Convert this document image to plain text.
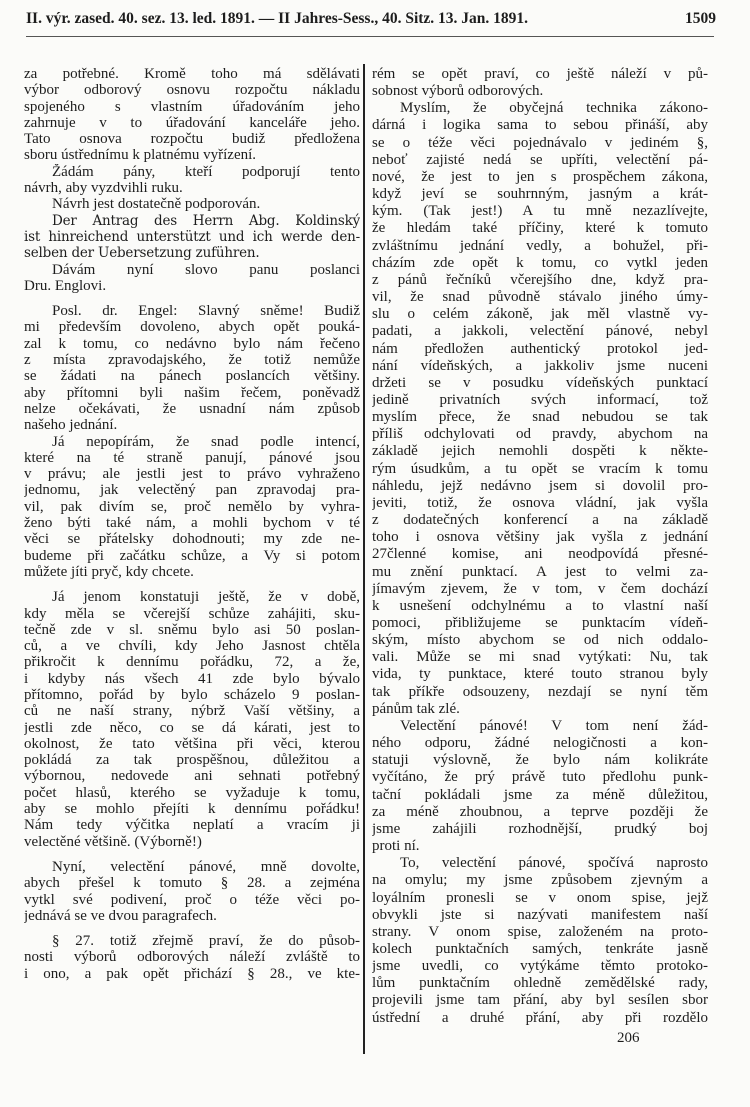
II. výr. zased. 40. sez. 13. led. 1891. — II Jahres-Sess., 40. Sitz. 13. Jan. 1891.	1509
za potřebné. Kromě toho má sdělávati
výbor odborový osnovu rozpočtu nákladu
spojeného s vlastním úřadováním jeho
zahrnuje v to úřadování kanceláře jeho.
Tato osnova rozpočtu budiž předložena
sboru ústřednímu k platnému vyřízení.
Žádám pány, kteří podporují tento
návrh, aby vyzdvihli ruku.
Návrh jest dostatečně podporován.
Der Antrag des Herrn Abg. Koldinský
ist hinreichend unterstützt und ich werde den-
selben der Uebersetzung zuführen.
Dávám nyní slovo panu poslanci
Dru. Englovi.
Posl. dr. Engel: Slavný sněme! Budiž
mi především dovoleno, abych opět pouká-
zal k tomu, co nedávno bylo nám řečeno
z místa zpravodajského, že totiž nemůže
se žádati na pánech poslancích většiny.
aby přítomni byli našim řečem, poněvadž
nelze očekávati, že usnadní nám způsob
našeho jednání.
Já nepopírám, že snad podle intencí,
které na té straně panují, pánové jsou
v právu; ale jestli jest to právo vyhraženo
jednomu, jak velectěný pan zpravodaj pra-
vil, pak divím se, proč nemělo by vyhra-
ženo býti také nám, a mohli bychom v té
věci se přátelsky dohodnouti; my zde ne-
budeme při začátku schůze, a Vy si potom
můžete jíti pryč, kdy chcete.
Já jenom konstatuji ještě, že v době,
kdy měla se včerejší schůze zahájiti, sku-
tečně zde v sl. sněmu bylo asi 50 poslan-
ců, a ve chvíli, kdy Jeho Jasnost chtěla
přikročit k dennímu pořádku, 72, a že,
i kdyby nás všech 41 zde bylo bývalo
přítomno, pořád by bylo scházelo 9 poslan-
ců ne naší strany, nýbrž Vaší většiny, a
jestli zde něco, co se dá kárati, jest to
okolnost, že tato většina při věci, kterou
pokládá za tak prospěšnou, důležitou a
výbornou, nedovede ani sehnati potřebný
počet hlasů, kterého se vyžaduje k tomu,
aby se mohlo přejíti k dennímu pořádku!
Nám tedy výčitka neplatí a vracím ji
velectěné většině. (Výborně!)
Nyní, velectění pánové, mně dovolte,
abych přešel k tomuto § 28. a zejména
vytkl své podivení, proč o téže věci po-
jednává se ve dvou paragrafech.
§ 27. totiž zřejmě praví, že do působ-
nosti výborů odborových náleží zvláště to
i ono, a pak opět přichází § 28., ve kte-
rém se opět praví, co ještě náleží v pů-
sobnost výborů odborových.
Myslím, že obyčejná technika zákono-
dárná i logika sama to sebou přináší, aby
se o téže věci pojednávalo v jediném §,
neboť zajisté nedá se upříti, velectění pá-
nové, že jest to jen s prospěchem zákona,
když jeví se souhrnným, jasným a krát-
kým. (Tak jest!) A tu mně nezazlívejte,
že hledám také příčiny, které k tomuto
zvláštnímu jednání vedly, a bohužel, při-
cházím zde opět k tomu, co vytkl jeden
z pánů řečníků včerejšího dne, když pra-
vil, že snad původně stávalo jiného úmy-
slu o celém zákoně, jak měl vlastně vy-
padati, a jakkoli, velectění pánové, nebyl
nám předložen authentický protokol jed-
nání vídeňských, a jakkoliv jsme nuceni
držeti se v posudku vídeňských punktací
jedině privatních svých informací, tož
myslím přece, že snad nebudou se tak
příliš odchylovati od pravdy, abychom na
základě jejich nemohli dospěti k někte-
rým úsudkům, a tu opět se vracím k tomu
náhledu, jejž nedávno jsem si dovolil pro-
jeviti, totiž, že osnova vládní, jak vyšla
z dodatečných konferencí a na základě
toho i osnova většiny jak vyšla z jednání
27členné komise, ani neodpovídá přesné-
mu znění punktací. A jest to velmi za-
jímavým zjevem, že v tom, v čem dochází
k usnešení odchylnému a to vlastní naší
pomoci, přibližujeme se punktacím vídeň-
ským, místo abychom se od nich oddalo-
vali. Může se mi snad vytýkati: Nu, tak
vida, ty punktace, které touto stranou byly
tak příkře odsouzeny, nezdají se nyní těm
pánům tak zlé.
Velectění pánové! V tom není žád-
ného odporu, žádné nelogičnosti a kon-
statuji výslovně, že bylo nám kolikráte
vyčítáno, že prý právě tuto předlohu punk-
tační pokládali jsme za méně důležitou,
za méně zhoubnou, a teprve později že
jsme zahájili rozhodnější, prudký boj
proti ní.
To, velectění pánové, spočívá naprosto
na omylu; my jsme způsobem zjevným a
loyálním pronesli se v onom spise, jejž
obvykli jste si nazývati manifestem naší
strany. V onom spise, založeném na proto-
kolech punktačních samých, tenkráte jasně
jsme uvedli, co vytýkáme těmto protoko-
lům punktačním ohledně zemědělské rady,
projevili jsme tam přání, aby byl sesílen sbor
ústřední a druhé přání, aby při rozdělo
206
